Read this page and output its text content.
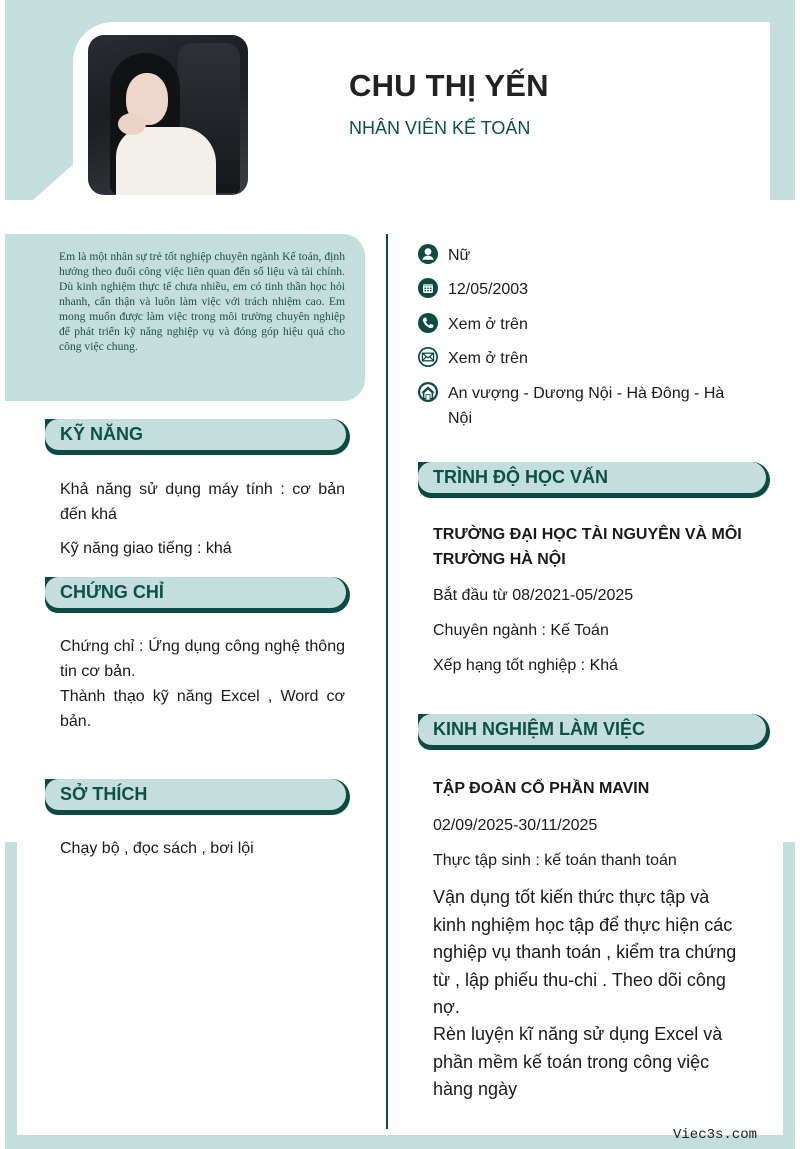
CHU THỊ YẾN
NHÂN VIÊN KẾ TOÁN

Em là một nhân sự trẻ tốt nghiệp chuyên ngành Kế toán, định hướng theo đuổi công việc liên quan đến số liệu và tài chính. Dù kinh nghiệm thực tế chưa nhiều, em có tinh thần học hỏi nhanh, cẩn thận và luôn làm việc với trách nhiệm cao. Em mong muốn được làm việc trong môi trường chuyên nghiệp để phát triển kỹ năng nghiệp vụ và đóng góp hiệu quả cho công việc chung.

Nữ
12/05/2003
Xem ở trên
Xem ở trên
An vượng - Dương Nội - Hà Đông - Hà Nội
KỸ NĂNG
Khả năng sử dụng máy tính : cơ bản đến khá
Kỹ năng giao tiếng : khá
CHỨNG CHỈ
Chứng chỉ : Ứng dụng công nghệ thông tin cơ bản.
Thành thạo kỹ năng Excel , Word cơ bản.
SỞ THÍCH
Chạy bộ , đọc sách , bơi lội
TRÌNH ĐỘ HỌC VẤN
TRƯỜNG ĐẠI HỌC TÀI NGUYÊN VÀ MÔI TRƯỜNG HÀ NỘI
Bắt đầu từ 08/2021-05/2025
Chuyên ngành : Kế Toán
Xếp hạng tốt nghiệp : Khá
KINH NGHIỆM LÀM VIỆC
TẬP ĐOÀN CỔ PHẦN MAVIN
02/09/2025-30/11/2025
Thực tập sinh : kế toán thanh toán
Vận dụng tốt kiến thức thực tập và kinh nghiệm học tập để thực hiện các nghiệp vụ thanh toán , kiểm tra chứng từ , lập phiếu thu-chi . Theo dõi công nợ.
Rèn luyện kĩ năng sử dụng Excel và phần mềm kế toán trong công việc hàng ngày
Viec3s.com
